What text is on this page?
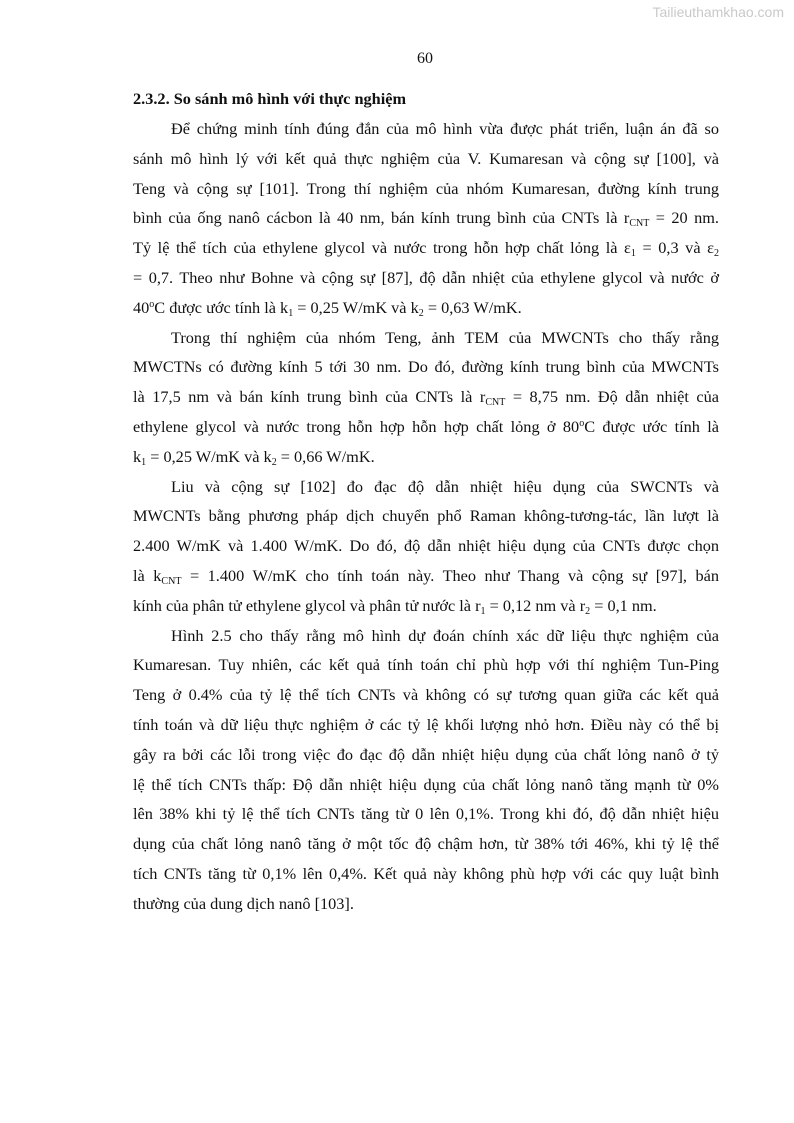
Tailieuthamkhao.com
60
2.3.2. So sánh mô hình với thực nghiệm
Để chứng minh tính đúng đắn của mô hình vừa được phát triển, luận án đã so
sánh mô hình lý với kết quả thực nghiệm của V. Kumaresan và cộng sự [100], và
Teng và cộng sự [101]. Trong thí nghiệm của nhóm Kumaresan, đường kính trung
bình của ống nanô cácbon là 40 nm, bán kính trung bình của CNTs là $r_{CNT} = 20$ nm.
Tỷ lệ thể tích của ethylene glycol và nước trong hỗn hợp chất lỏng là $\varepsilon_1 = 0,3$ và $\varepsilon_2$
= 0,7. Theo như Bohne và cộng sự [87], độ dẫn nhiệt của ethylene glycol và nước ở
40$^o$C được ước tính là $k_1 = 0,25$ W/mK và $k_2 = 0,63$ W/mK.
Trong thí nghiệm của nhóm Teng, ảnh TEM của MWCNTs cho thấy rằng
MWCTNs có đường kính 5 tới 30 nm. Do đó, đường kính trung bình của MWCNTs
là 17,5 nm và bán kính trung bình của CNTs là $r_{CNT} = 8,75$ nm. Độ dẫn nhiệt của
ethylene glycol và nước trong hỗn hợp hỗn hợp chất lỏng ở 80$^o$C được ước tính là
$k_1 = 0,25$ W/mK và $k_2 = 0,66$ W/mK.
Liu và cộng sự [102] đo đạc độ dẫn nhiệt hiệu dụng của SWCNTs và
MWCNTs bằng phương pháp dịch chuyển phổ Raman không-tương-tác, lần lượt là
2.400 W/mK và 1.400 W/mK. Do đó, độ dẫn nhiệt hiệu dụng của CNTs được chọn
là $k_{CNT} = 1.400$ W/mK cho tính toán này. Theo như Thang và cộng sự [97], bán
kính của phân tử ethylene glycol và phân tử nước là $r_1 = 0,12$ nm và $r_2 = 0,1$ nm.
Hình 2.5 cho thấy rằng mô hình dự đoán chính xác dữ liệu thực nghiệm của
Kumaresan. Tuy nhiên, các kết quả tính toán chỉ phù hợp với thí nghiệm Tun-Ping
Teng ở 0.4% của tỷ lệ thể tích CNTs và không có sự tương quan giữa các kết quả
tính toán và dữ liệu thực nghiệm ở các tỷ lệ khối lượng nhỏ hơn. Điều này có thể bị
gây ra bởi các lỗi trong việc đo đạc độ dẫn nhiệt hiệu dụng của chất lỏng nanô ở tỷ
lệ thể tích CNTs thấp: Độ dẫn nhiệt hiệu dụng của chất lỏng nanô tăng mạnh từ 0%
lên 38% khi tỷ lệ thể tích CNTs tăng từ 0 lên 0,1%. Trong khi đó, độ dẫn nhiệt hiệu
dụng của chất lỏng nanô tăng ở một tốc độ chậm hơn, từ 38% tới 46%, khi tỷ lệ thể
tích CNTs tăng từ 0,1% lên 0,4%. Kết quả này không phù hợp với các quy luật bình
thường của dung dịch nanô [103].
